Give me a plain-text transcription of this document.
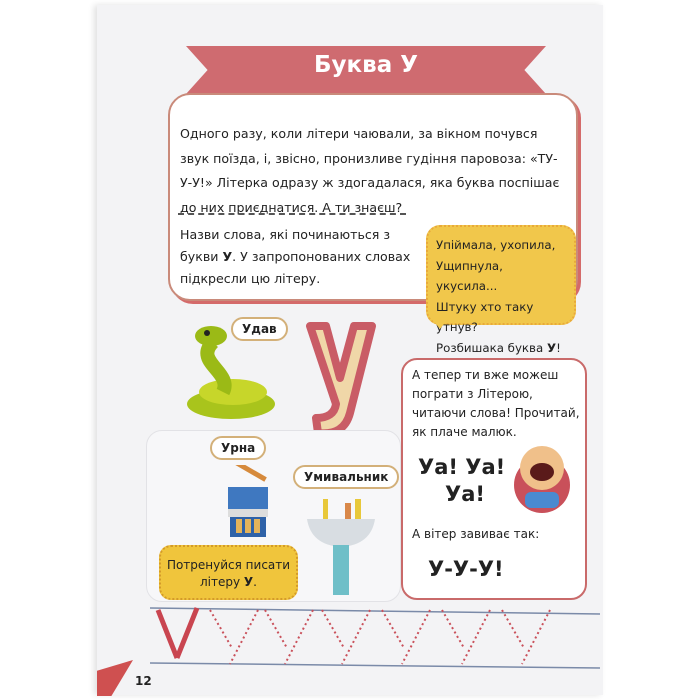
Буква У
Одного разу, коли літери чаювали, за вікном почувся звук поїзда, і, звісно, пронизливе гудіння паровоза: «ТУ-У-У!» Літерка одразу ж здогадалася, яка буква поспішає до них приєднатися. А ти знаєш?
Назви слова, які починаються з букви У. У запропонованих словах підкресли цю літеру.
Упіймала, ухопила,
Ущипнула, укусила...
Штуку хто таку утнув?
Розбишака буква У!
Удав
Урна
Умивальник
Потренуйся писати літеру У.
А тепер ти вже можеш пограти з Літерою, читаючи слова! Прочитай, як плаче малюк.
Уа! Уа!
Уа!
А вітер завиває так:
У-У-У!
12
